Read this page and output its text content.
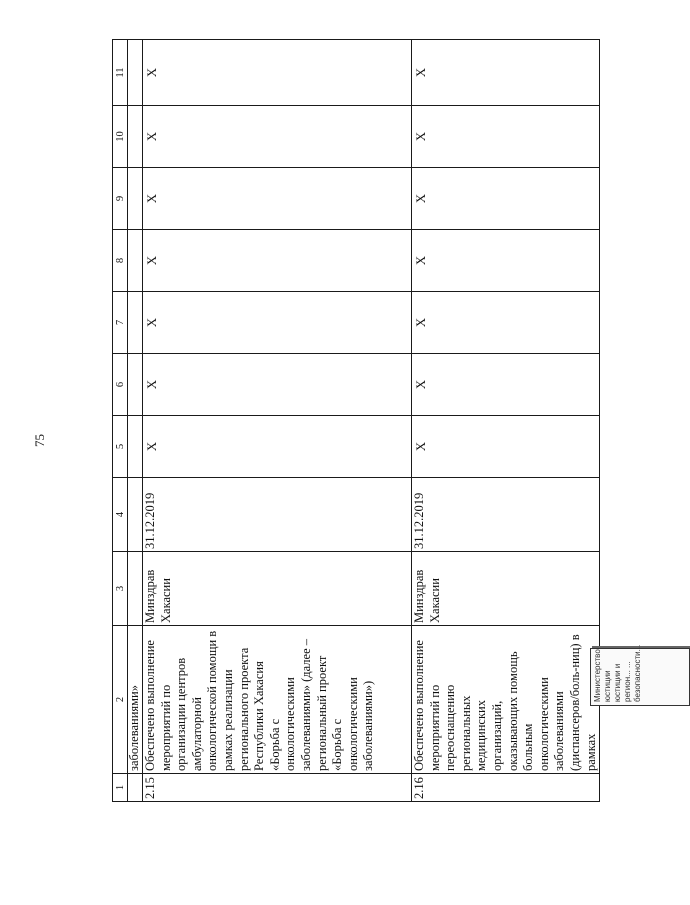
75
1	2	3	4	5	6	7	8	9	10	11
	заболеваниями»									
2.15	Обеспечено выполнение мероприятий по организации центров амбулаторной онкологической помощи в рамках реализации регионального проекта Республики Хакасия «Борьба с онкологическими заболеваниями» (далее – региональный проект «Борьба с онкологическими заболеваниями»)	Минздрав Хакасии	31.12.2019	X	X	X	X	X	X	X
2.16	Обеспечено выполнение мероприятий по переоснащению региональных медицинских организаций, оказывающих помощь больным онкологическими заболеваниями (диспансеров/боль-ниц) в рамках	Минздрав Хакасии	31.12.2019	X	X	X	X	X	X	X
Министерство юстиции юстиции и регион... ... безопасности...
